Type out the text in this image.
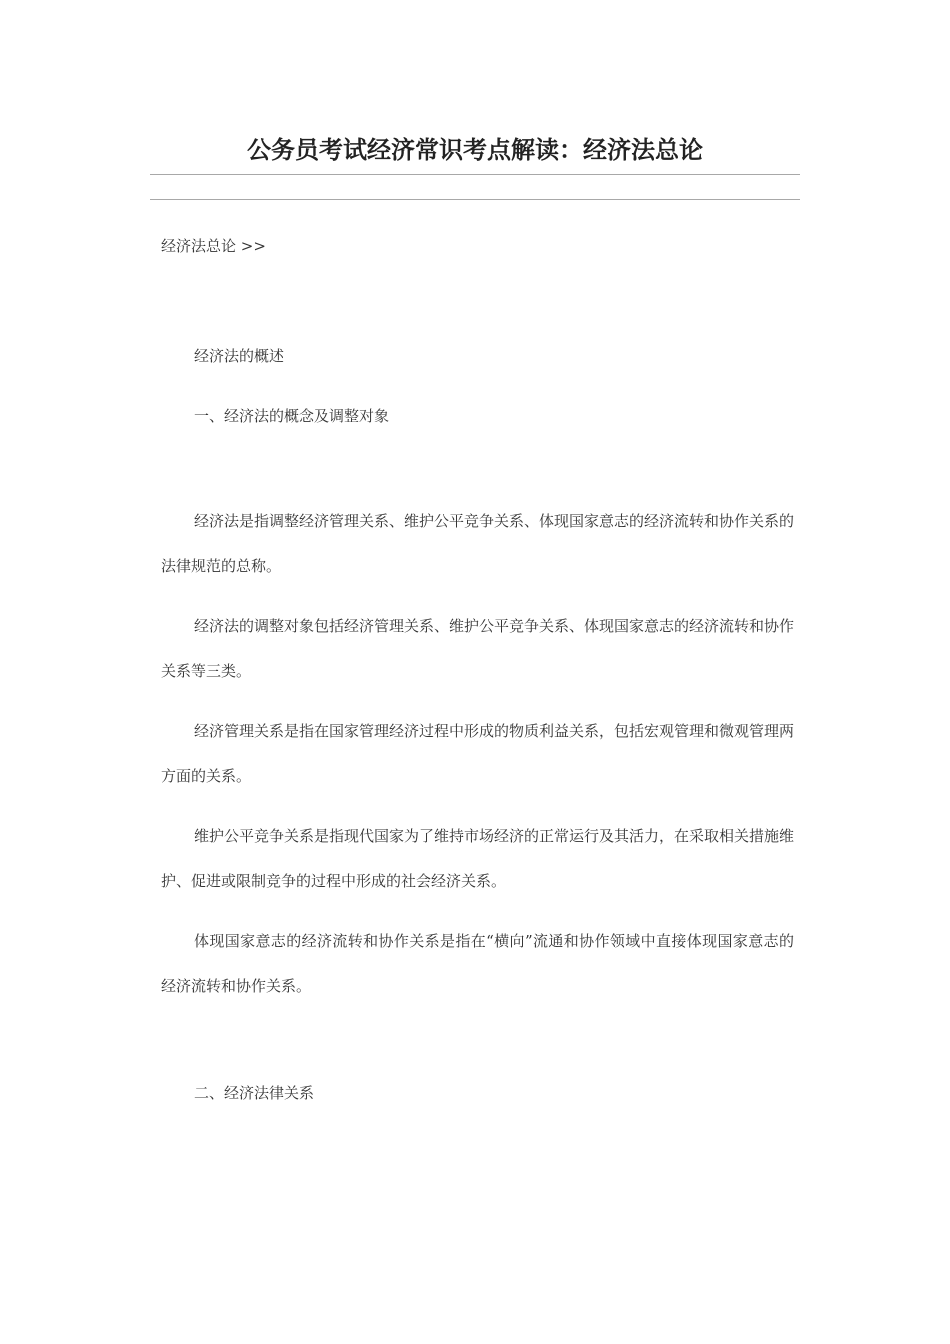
公务员考试经济常识考点解读：经济法总论
经济法总论 >>

经济法的概述

一、经济法的概念及调整对象

经济法是指调整经济管理关系、维护公平竞争关系、体现国家意志的经济流转和协作关系的法律规范的总称。

经济法的调整对象包括经济管理关系、维护公平竞争关系、体现国家意志的经济流转和协作关系等三类。

经济管理关系是指在国家管理经济过程中形成的物质利益关系，包括宏观管理和微观管理两方面的关系。

维护公平竞争关系是指现代国家为了维持市场经济的正常运行及其活力，在采取相关措施维护、促进或限制竞争的过程中形成的社会经济关系。

体现国家意志的经济流转和协作关系是指在“横向”流通和协作领域中直接体现国家意志的经济流转和协作关系。

二、经济法律关系
